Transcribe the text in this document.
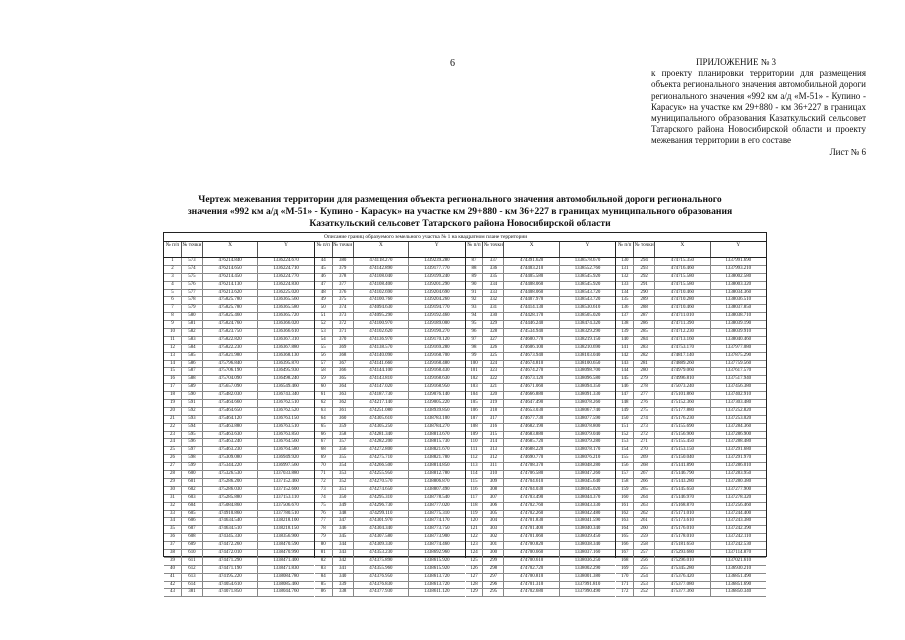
6	ПРИЛОЖЕНИЕ № 3
к проекту планировки территории для размещения объекта регионального значения автомобильной дороги регионального значения «992 км а/д «М-51» - Купино - Карасук» на участке км 29+880 - км 36+227 в границах муниципального образования Казаткульский сельсовет Татарского района Новосибирской области и проекту межевания территории в его составе
Лист № 6
Чертеж межевания территории для размещения объекта регионального значения автомобильной дороги регионального значения «992 км а/д «М-51» - Купино - Карасук» на участке км 29+880 - км 36+227 в границах муниципального образования Казаткульский сельсовет Татарского района Новосибирской области
Описание границ образуемого земельного участка № 1 на квадратном плане территории
№ п/п № точки	X	Y
1	573	476214.840	1336224.670
2	574	476214.650	1336224.710
3	575	476214.450	1336224.770
4	576	476214.130	1336224.830
5	577	476213.620	1336225.020
6	578	475825.780	1336365.560
7	579	475825.780	1336365.580
8	580	475825.460	1336365.720
9	581	475824.760	1336366.020
10	582	475823.750	1336366.610
11	583	475822.820	1336367.310
12	584	475822.230	1336367.880
13	585	475821.980	1336368.130
14	586	475796.840	1336395.870
15	587	475706.190	1336495.930
16	588	475704.090	1336498.240
17	589	475657.090	1336549.460
18	590	475482.030	1336743.340
19	591	475464.660	1336762.510
20	592	475464.650	1336762.520
21	593	475464.120	1336763.150
22	594	475463.880	1336763.510
23	595	475463.630	1336763.850
24	596	475463.240	1336764.560
25	597	475463.230	1336764.580
26	598	475309.080	1336949.920
27	599	475344.220	1336997.560
28	600	475326.530	1337033.880
29	601	475286.200	1337152.460
30	602	475286.030	1337152.600
31	603	475285.880	1337153.110
32	604	475084.860	1337506.670
33	605	474910.860	1337780.510
34	606	474634.540	1338218.100
35	607	474634.510	1338218.150
36	608	474345.330	1338356.900
37	609	474472.260	1338470.590
38	610	474472.010	1338470.990
39	611	474471.290	1338471.400
40	612	474471.190	1338471.830
41	613	474195.220	1338084.780
42	614	474054.610	1338085.460
43	381	474071.850	1338044.760
№ п/п № точки	X	Y
44	380	474118.270	1339239.280
45	379	474142.890	1339177.770
46	378	474108.040	1339199.240
47	377	474108.400	1339201.290
48	376	474102.690	1339204.690
49	375	474100.760	1339204.260
50	374	474094.630	1339194.770
51	373	474095.290	1339192.460
52	372	474100.970	1339189.000
53	371	474102.620	1339190.270
54	370	474136.970	1339170.120
55	369	474138.570	1339169.280
56	368	474140.090	1339168.700
57	367	474141.660	1339168.480
58	366	474144.100	1339168.430
59	365	474143.810	1339168.630
60	364	474147.020	1339168.950
61	363	474187.730	1339076.140
62	362	474217.140	1339005.220
63	361	474251.080	1338939.850
64	360	474305.610	1338783.100
65	359	474305.250	1338784.270
66	358	474281.340	1338813.670
67	357	474282.200	1338815.730
68	356	474272.800	1338821.670
69	355	474275.710	1338821.780
70	354	474266.500	1338814.850
71	353	474255.950	1338812.780
72	352	474270.570	1338806.870
73	351	474274.650	1338807.490
74	350	474295.310	1338778.540
75	349	474296.730	1338777.020
76	348	474299.110	1338775.310
77	347	474301.970	1338774.170
78	346	474304.340	1338773.750
79	345	474307.580	1338773.900
80	344	474309.330	1338774.460
81	343	474353.230	1338692.960
82	342	474375.890	1338615.920
83	341	474355.960	1338615.920
84	340	474376.950	1338613.720
85	339	474376.830	1338613.720
86	338	474377.930	1338611.120
№ п/п № точки	X	Y
87	337	474391.620	1338578.670
88	336	474403.210	1338552.760
89	335	474405.580	1338545.920
90	334	474408.060	1338545.920
91	333	474408.060	1338543.720
92	332	474407.970	1338543.720
93	331	474414.130	1338530.610
94	330	474428.170	1338505.020
95	329	474446.240	1338474.320
96	328	474534.940	1338329.290
97	327	474600.770	1338219.150
98	326	474606.100	1338210.690
99	325	474673.940	1338103.040
100	324	474674.810	1338100.650
101	323	474674.270	1338098.700
102	322	474673.120	1338096.580
103	321	474671.060	1338094.350
104	320	474666.880	1338091.330
105	319	474647.490	1338078.260
106	318	474653.030	1338067.740
107	317	474677.730	1338077.590
108	316	474682.190	1338078.800
109	315	474683.880	1338079.040
110	314	474685.720	1338079.280
111	313	474688.220	1338078.170
112	312	474690.770	1338076.210
113	311	474708.370	1338048.280
114	310	474706.580	1338047.260
115	309	474704.610	1338045.640
116	308	474704.030	1338045.020
117	307	474703.490	1338044.370
118	306	474702.760	1338043.330
119	305	474702.260	1338042.480
120	304	474701.830	1338041.590
121	303	474701.400	1338040.340
122	302	474701.060	1338039.450
123	301	474700.820	1338038.340
124	300	474700.660	1338037.160
125	299	474700.610	1338036.250
126	298	474702.720	1338002.290
127	297	474700.810	1338001.380
128	296	474701.310	1337991.810
129	295	474702.680	1337990.490
№ п/п № точки	X	Y
130	294	474715.350	1337991.690
131	293	474716.460	1337993.210
132	292	474715.580	1338002.580
133	291	474715.580	1338003.320
134	290	474710.460	1338034.360
135	289	474710.280	1338036.510
136	288	474710.460	1338037.850
137	287	474711.010	1338038.710
138	286	474711.390	1338039.190
139	285	474712.230	1338039.910
140	284	474713.160	1338040.460
141	283	474753.170	1337977.080
142	282	474817.140	1337875.290
143	281	474889.260	1337759.560
144	280	474979.060	1337617.570
145	279	474996.810	1337517.940
146	278	475073.240	1337456.380
147	277	475101.860	1337402.910
148	276	475152.360	1337303.480
149	275	475177.880	1337252.820
150	274	475176.230	1337253.020
151	273	475155.690	1337284.360
152	272	475156.900	1337286.900
153	271	475155.450	1337288.480
154	270	475153.150	1337291.680
155	269	475150.040	1337291.970
156	268	475141.890	1337286.010
157	267	475146.790	1337283.950
158	266	475143.280	1337280.380
159	265	475145.650	1337277.900
160	264	475146.970	1337278.320
161	263	475168.870	1337256.460
162	262	475171.010	1337244.400
163	261	475173.610	1337243.380
164	260	475176.010	1337242.390
165	259	475178.010	1337242.110
166	258	475181.650	1337242.530
167	257	475293.680	1337114.870
168	256	475296.010	1337021.610
169	255	475345.280	1336930.210
170	254	475376.420	1336851.490
171	253	475377.080	1336851.690
172	252	475377.360	1336850.340
